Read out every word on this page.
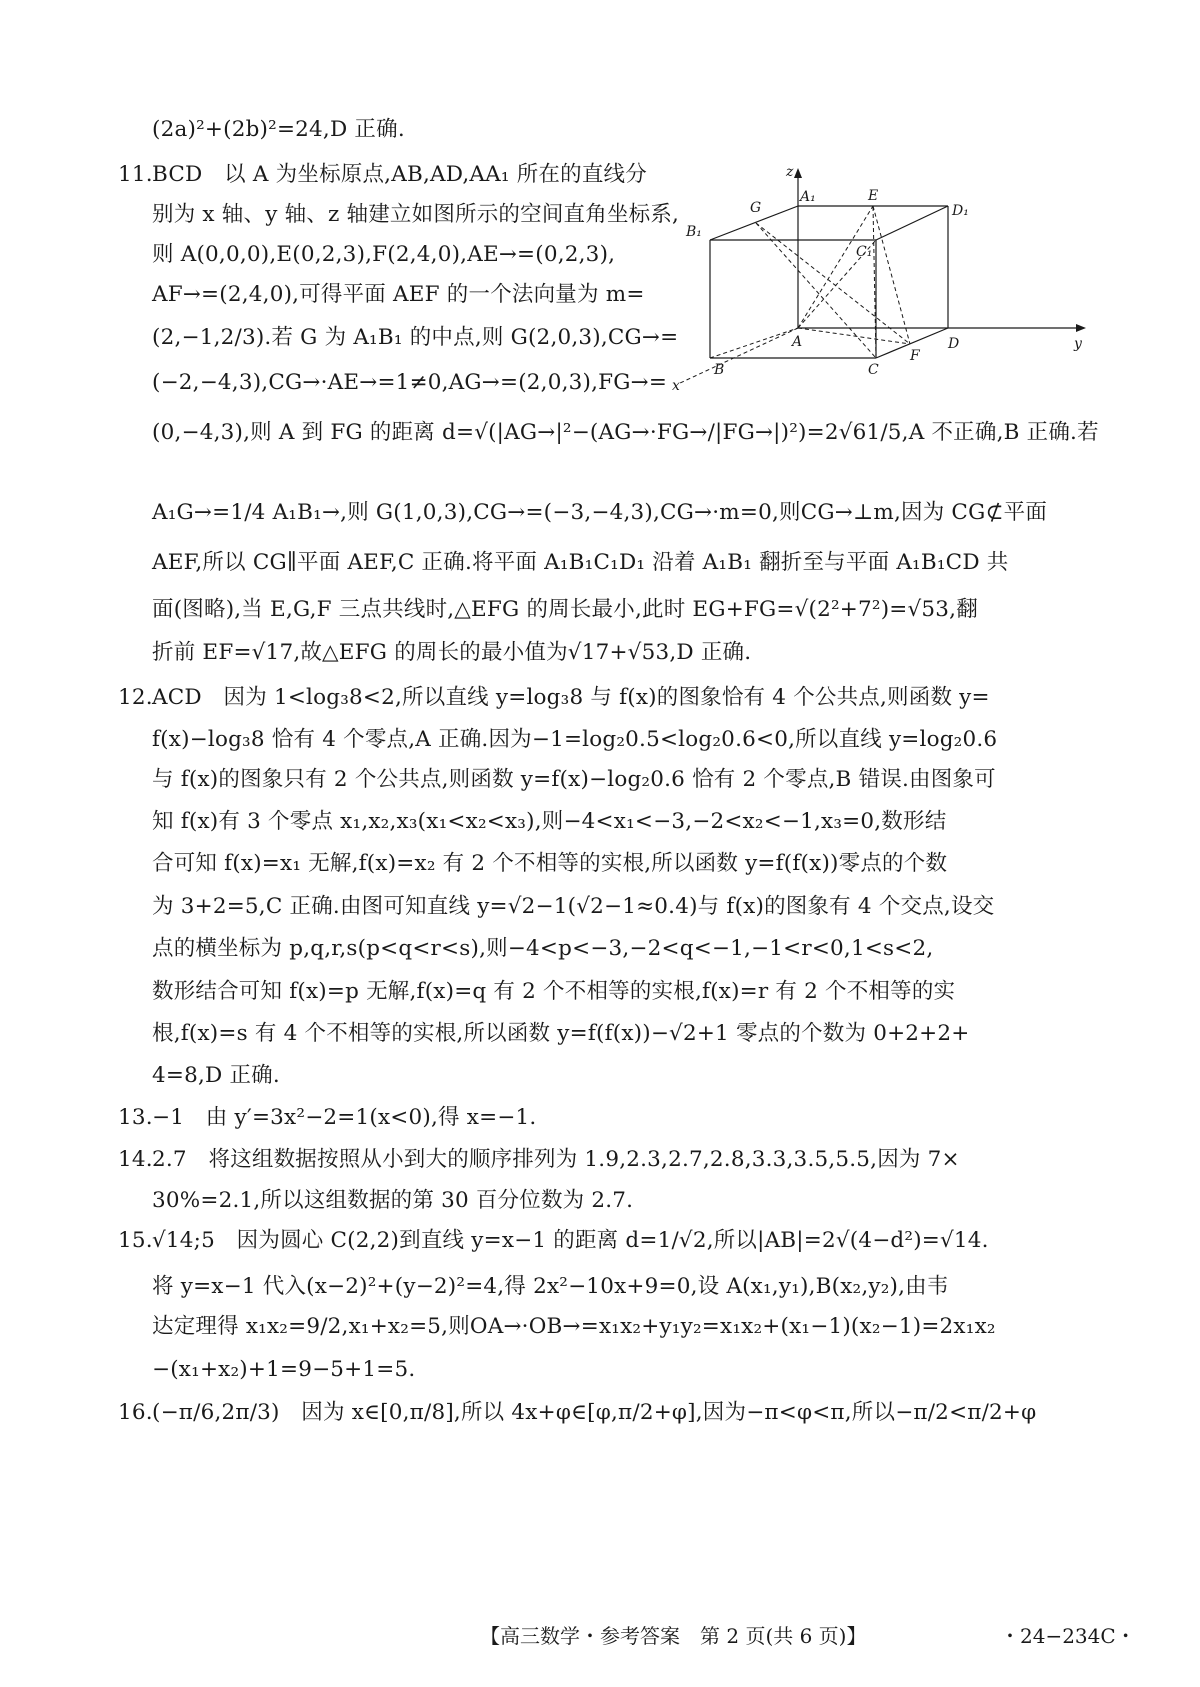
(2a)²+(2b)²=24,D 正确.
11. BCD　以 A 为坐标原点,AB,AD,AA₁ 所在的直线分
别为 x 轴、y 轴、z 轴建立如图所示的空间直角坐标系,
则 A(0,0,0),E(0,2,3),F(2,4,0),AE→=(0,2,3),
AF→=(2,4,0),可得平面 AEF 的一个法向量为 m=
(2,−1,2/3).若 G 为 A₁B₁ 的中点,则 G(2,0,3),CG→=
(−2,−4,3),CG→·AE→=1≠0,AG→=(2,0,3),FG→=
(0,−4,3),则 A 到 FG 的距离 d=√(|AG→|²−(AG→·FG→/|FG→|)²)=2√61/5,A 不正确,B 正确.若
A₁G→=1/4 A₁B₁→,则 G(1,0,3),CG→=(−3,−4,3),CG→·m=0,则CG→⊥m,因为 CG⊄平面
AEF,所以 CG∥平面 AEF,C 正确.将平面 A₁B₁C₁D₁ 沿着 A₁B₁ 翻折至与平面 A₁B₁CD 共
面(图略),当 E,G,F 三点共线时,△EFG 的周长最小,此时 EG+FG=√(2²+7²)=√53,翻
折前 EF=√17,故△EFG 的周长的最小值为√17+√53,D 正确.
12. ACD　因为 1<log₃8<2,所以直线 y=log₃8 与 f(x)的图象恰有 4 个公共点,则函数 y=
f(x)−log₃8 恰有 4 个零点,A 正确.因为−1=log₂0.5<log₂0.6<0,所以直线 y=log₂0.6
与 f(x)的图象只有 2 个公共点,则函数 y=f(x)−log₂0.6 恰有 2 个零点,B 错误.由图象可
知 f(x)有 3 个零点 x₁,x₂,x₃(x₁<x₂<x₃),则−4<x₁<−3,−2<x₂<−1,x₃=0,数形结
合可知 f(x)=x₁ 无解,f(x)=x₂ 有 2 个不相等的实根,所以函数 y=f(f(x))零点的个数
为 3+2=5,C 正确.由图可知直线 y=√2−1(√2−1≈0.4)与 f(x)的图象有 4 个交点,设交
点的横坐标为 p,q,r,s(p<q<r<s),则−4<p<−3,−2<q<−1,−1<r<0,1<s<2,
数形结合可知 f(x)=p 无解,f(x)=q 有 2 个不相等的实根,f(x)=r 有 2 个不相等的实
根,f(x)=s 有 4 个不相等的实根,所以函数 y=f(f(x))−√2+1 零点的个数为 0+2+2+
4=8,D 正确.
13. −1　由 y′=3x²−2=1(x<0),得 x=−1.
14. 2.7　将这组数据按照从小到大的顺序排列为 1.9,2.3,2.7,2.8,3.3,3.5,5.5,因为 7×
30%=2.1,所以这组数据的第 30 百分位数为 2.7.
15. √14;5　因为圆心 C(2,2)到直线 y=x−1 的距离 d=1/√2,所以|AB|=2√(4−d²)=√14.
将 y=x−1 代入(x−2)²+(y−2)²=4,得 2x²−10x+9=0,设 A(x₁,y₁),B(x₂,y₂),由韦
达定理得 x₁x₂=9/2,x₁+x₂=5,则OA→·OB→=x₁x₂+y₁y₂=x₁x₂+(x₁−1)(x₂−1)=2x₁x₂
−(x₁+x₂)+1=9−5+1=5.
16. (−π/6,2π/3)　因为 x∈[0,π/8],所以 4x+φ∈[φ,π/2+φ],因为−π<φ<π,所以−π/2<π/2+φ
z
y
x
A₁	E
D₁
G
B₁
C₁
A
B	C
F
D
【高三数学・参考答案　第 2 页(共 6 页)】	・24−234C・
